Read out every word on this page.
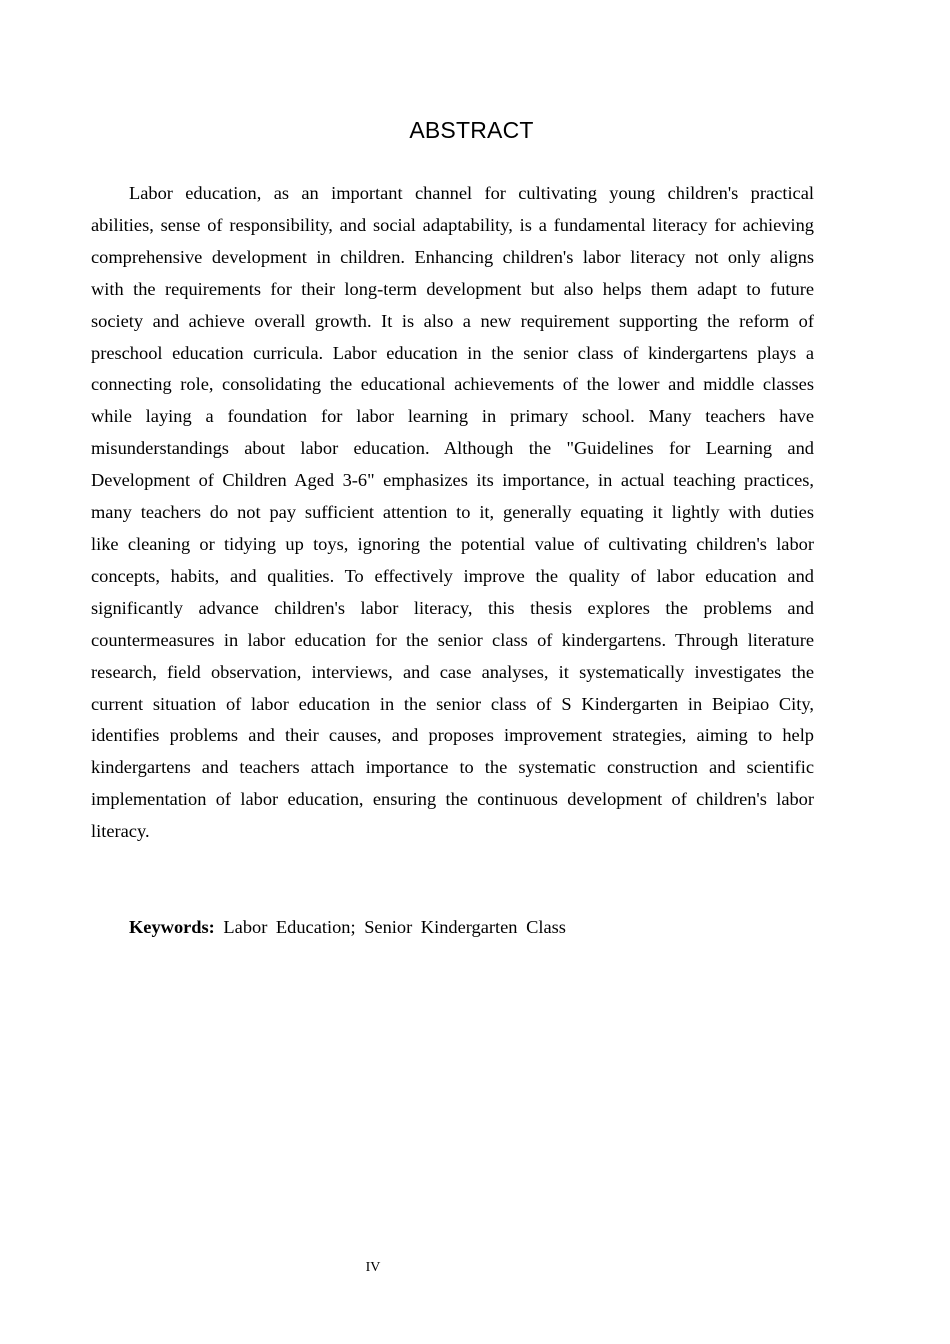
ABSTRACT

Labor education, as an important channel for cultivating young children's practical abilities, sense of responsibility, and social adaptability, is a fundamental literacy for achieving comprehensive development in children. Enhancing children's labor literacy not only aligns with the requirements for their long-term development but also helps them adapt to future society and achieve overall growth. It is also a new requirement supporting the reform of preschool education curricula. Labor education in the senior class of kindergartens plays a connecting role, consolidating the educational achievements of the lower and middle classes while laying a foundation for labor learning in primary school. Many teachers have misunderstandings about labor education. Although the "Guidelines for Learning and Development of Children Aged 3-6" emphasizes its importance, in actual teaching practices, many teachers do not pay sufficient attention to it, generally equating it lightly with duties like cleaning or tidying up toys, ignoring the potential value of cultivating children's labor concepts, habits, and qualities. To effectively improve the quality of labor education and significantly advance children's labor literacy, this thesis explores the problems and countermeasures in labor education for the senior class of kindergartens. Through literature research, field observation, interviews, and case analyses, it systematically investigates the current situation of labor education in the senior class of S Kindergarten in Beipiao City, identifies problems and their causes, and proposes improvement strategies, aiming to help kindergartens and teachers attach importance to the systematic construction and scientific implementation of labor education, ensuring the continuous development of children's labor literacy.

Keywords: Labor Education; Senior Kindergarten Class
IV
